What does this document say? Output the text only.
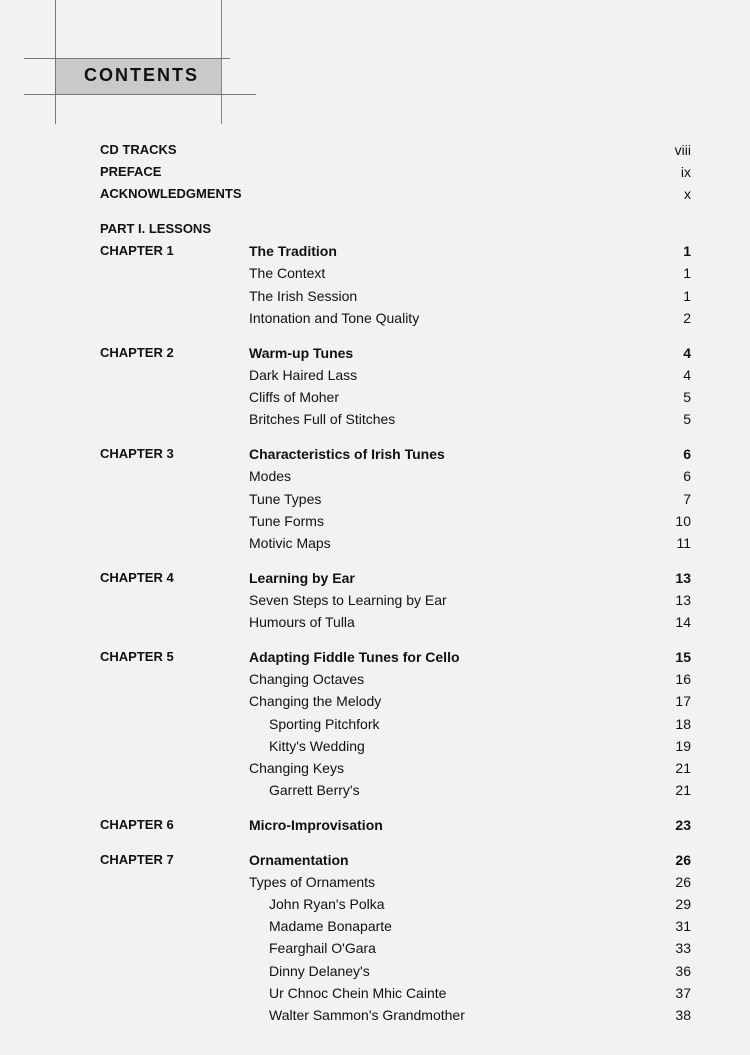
CONTENTS
CD TRACKS	viii
PREFACE	ix
ACKNOWLEDGMENTS	x
PART I. LESSONS
CHAPTER 1	The Tradition	1
The Context	1
The Irish Session	1
Intonation and Tone Quality	2
CHAPTER 2	Warm-up Tunes	4
Dark Haired Lass	4
Cliffs of Moher	5
Britches Full of Stitches	5
CHAPTER 3	Characteristics of Irish Tunes	6
Modes	6
Tune Types	7
Tune Forms	10
Motivic Maps	11
CHAPTER 4	Learning by Ear	13
Seven Steps to Learning by Ear	13
Humours of Tulla	14
CHAPTER 5	Adapting Fiddle Tunes for Cello	15
Changing Octaves	16
Changing the Melody	17
Sporting Pitchfork	18
Kitty's Wedding	19
Changing Keys	21
Garrett Berry's	21
CHAPTER 6	Micro-Improvisation	23
CHAPTER 7	Ornamentation	26
Types of Ornaments	26
John Ryan's Polka	29
Madame Bonaparte	31
Fearghail O'Gara	33
Dinny Delaney's	36
Ur Chnoc Chein Mhic Cainte	37
Walter Sammon's Grandmother	38
